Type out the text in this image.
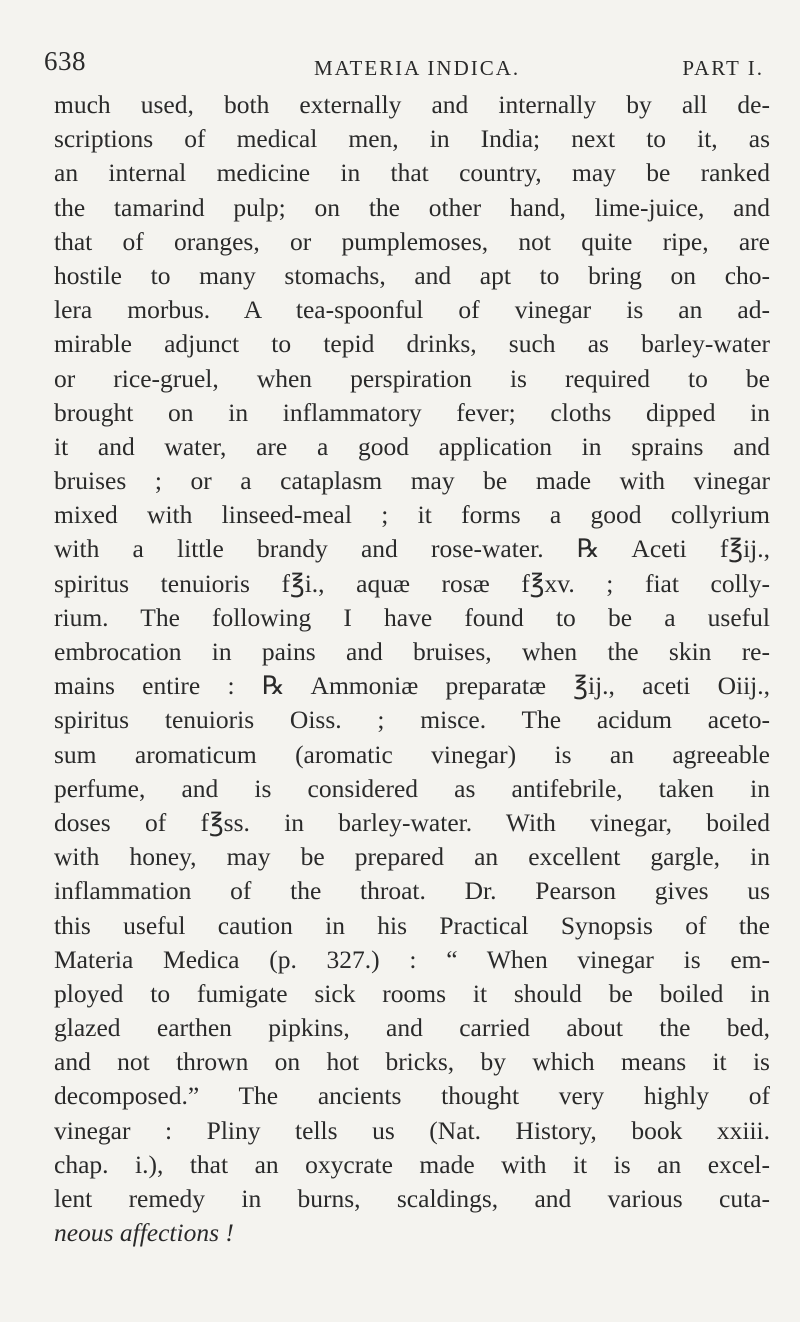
638	MATERIA INDICA.	PART I.
much used, both externally and internally by all de-
scriptions of medical men, in India; next to it, as
an internal medicine in that country, may be ranked
the tamarind pulp; on the other hand, lime-juice, and
that of oranges, or pumplemoses, not quite ripe, are
hostile to many stomachs, and apt to bring on cho-
lera morbus. A tea-spoonful of vinegar is an ad-
mirable adjunct to tepid drinks, such as barley-water
or rice-gruel, when perspiration is required to be
brought on in inflammatory fever; cloths dipped in
it and water, are a good application in sprains and
bruises ; or a cataplasm may be made with vinegar
mixed with linseed-meal ; it forms a good collyrium
with a little brandy and rose-water. ℞ Aceti f℥ij.,
spiritus tenuioris f℥i., aquæ rosæ f℥xv. ; fiat colly-
rium. The following I have found to be a useful
embrocation in pains and bruises, when the skin re-
mains entire : ℞ Ammoniæ preparatæ ℥ij., aceti Oiij.,
spiritus tenuioris Oiss. ; misce. The acidum aceto-
sum aromaticum (aromatic vinegar) is an agreeable
perfume, and is considered as antifebrile, taken in
doses of f℥ss. in barley-water. With vinegar, boiled
with honey, may be prepared an excellent gargle, in
inflammation of the throat. Dr. Pearson gives us
this useful caution in his Practical Synopsis of the
Materia Medica (p. 327.) : “ When vinegar is em-
ployed to fumigate sick rooms it should be boiled in
glazed earthen pipkins, and carried about the bed,
and not thrown on hot bricks, by which means it is
decomposed.” The ancients thought very highly of
vinegar : Pliny tells us (Nat. History, book xxiii.
chap. i.), that an oxycrate made with it is an excel-
lent remedy in burns, scaldings, and various cuta-
neous affections !
